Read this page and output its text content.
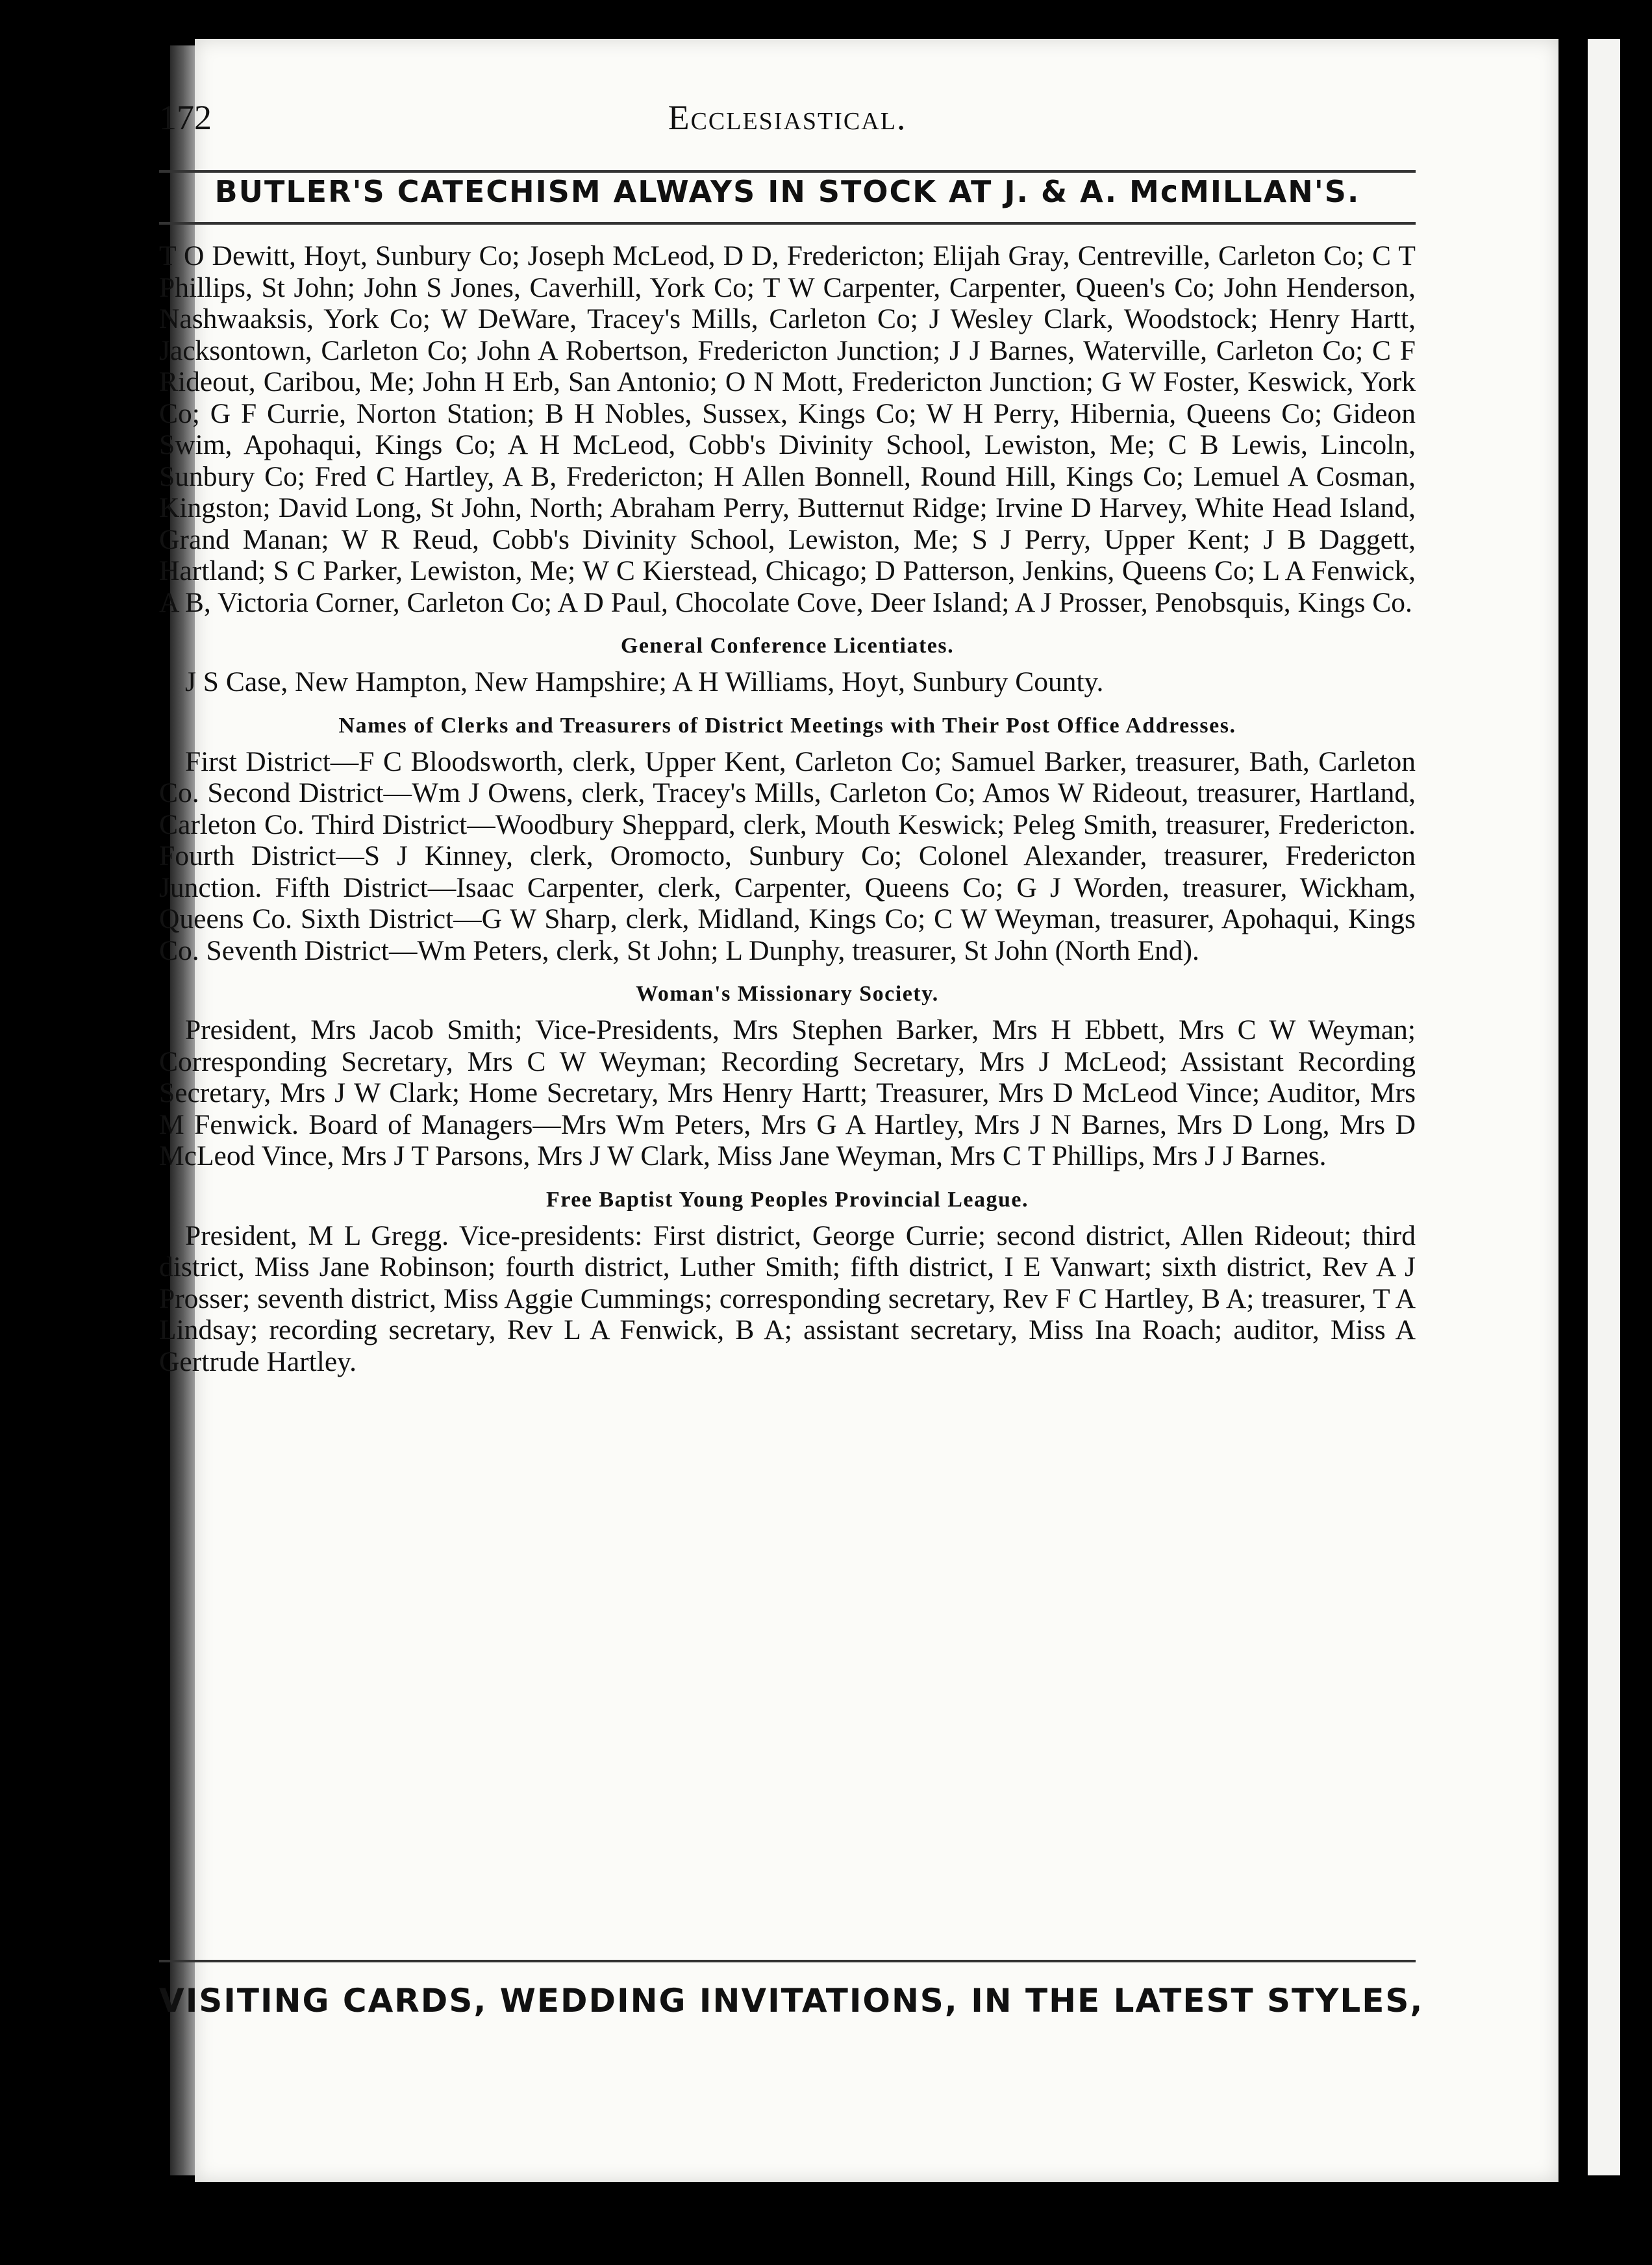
172	Ecclesiastical.
BUTLER'S CATECHISM ALWAYS IN STOCK AT J. & A. McMILLAN'S.

T O Dewitt, Hoyt, Sunbury Co; Joseph McLeod, D D, Fredericton; Elijah Gray, Centreville, Carleton Co; C T Phillips, St John; John S Jones, Caverhill, York Co; T W Carpenter, Carpenter, Queen's Co; John Henderson, Nashwaaksis, York Co; W DeWare, Tracey's Mills, Carleton Co; J Wesley Clark, Woodstock; Henry Hartt, Jacksontown, Carleton Co; John A Robertson, Fredericton Junction; J J Barnes, Waterville, Carleton Co; C F Rideout, Caribou, Me; John H Erb, San Antonio; O N Mott, Fredericton Junction; G W Foster, Keswick, York Co; G F Currie, Norton Station; B H Nobles, Sussex, Kings Co; W H Perry, Hibernia, Queens Co; Gideon Swim, Apohaqui, Kings Co; A H McLeod, Cobb's Divinity School, Lewiston, Me; C B Lewis, Lincoln, Sunbury Co; Fred C Hartley, A B, Fredericton; H Allen Bonnell, Round Hill, Kings Co; Lemuel A Cosman, Kingston; David Long, St John, North; Abraham Perry, Butternut Ridge; Irvine D Harvey, White Head Island, Grand Manan; W R Reud, Cobb's Divinity School, Lewiston, Me; S J Perry, Upper Kent; J B Daggett, Hartland; S C Parker, Lewiston, Me; W C Kierstead, Chicago; D Patterson, Jenkins, Queens Co; L A Fenwick, A B, Victoria Corner, Carleton Co; A D Paul, Chocolate Cove, Deer Island; A J Prosser, Penobsquis, Kings Co.

General Conference Licentiates.

J S Case, New Hampton, New Hampshire; A H Williams, Hoyt, Sunbury County.

Names of Clerks and Treasurers of District Meetings with Their Post Office Addresses.

First District—F C Bloodsworth, clerk, Upper Kent, Carleton Co; Samuel Barker, treasurer, Bath, Carleton Co. Second District—Wm J Owens, clerk, Tracey's Mills, Carleton Co; Amos W Rideout, treasurer, Hartland, Carleton Co. Third District—Woodbury Sheppard, clerk, Mouth Keswick; Peleg Smith, treasurer, Fredericton. Fourth District—S J Kinney, clerk, Oromocto, Sunbury Co; Colonel Alexander, treasurer, Fredericton Junction. Fifth District—Isaac Carpenter, clerk, Carpenter, Queens Co; G J Worden, treasurer, Wickham, Queens Co. Sixth District—G W Sharp, clerk, Midland, Kings Co; C W Weyman, treasurer, Apohaqui, Kings Co. Seventh District—Wm Peters, clerk, St John; L Dunphy, treasurer, St John (North End).

Woman's Missionary Society.

President, Mrs Jacob Smith; Vice-Presidents, Mrs Stephen Barker, Mrs H Ebbett, Mrs C W Weyman; Corresponding Secretary, Mrs C W Weyman; Recording Secretary, Mrs J McLeod; Assistant Recording Secretary, Mrs J W Clark; Home Secretary, Mrs Henry Hartt; Treasurer, Mrs D McLeod Vince; Auditor, Mrs M Fenwick. Board of Managers—Mrs Wm Peters, Mrs G A Hartley, Mrs J N Barnes, Mrs D Long, Mrs D McLeod Vince, Mrs J T Parsons, Mrs J W Clark, Miss Jane Weyman, Mrs C T Phillips, Mrs J J Barnes.

Free Baptist Young Peoples Provincial League.

President, M L Gregg. Vice-presidents: First district, George Currie; second district, Allen Rideout; third district, Miss Jane Robinson; fourth district, Luther Smith; fifth district, I E Vanwart; sixth district, Rev A J Prosser; seventh district, Miss Aggie Cummings; corresponding secretary, Rev F C Hartley, B A; treasurer, T A Lindsay; recording secretary, Rev L A Fenwick, B A; assistant secretary, Miss Ina Roach; auditor, Miss A Gertrude Hartley.

VISITING CARDS, WEDDING INVITATIONS, IN THE LATEST STYLES,
